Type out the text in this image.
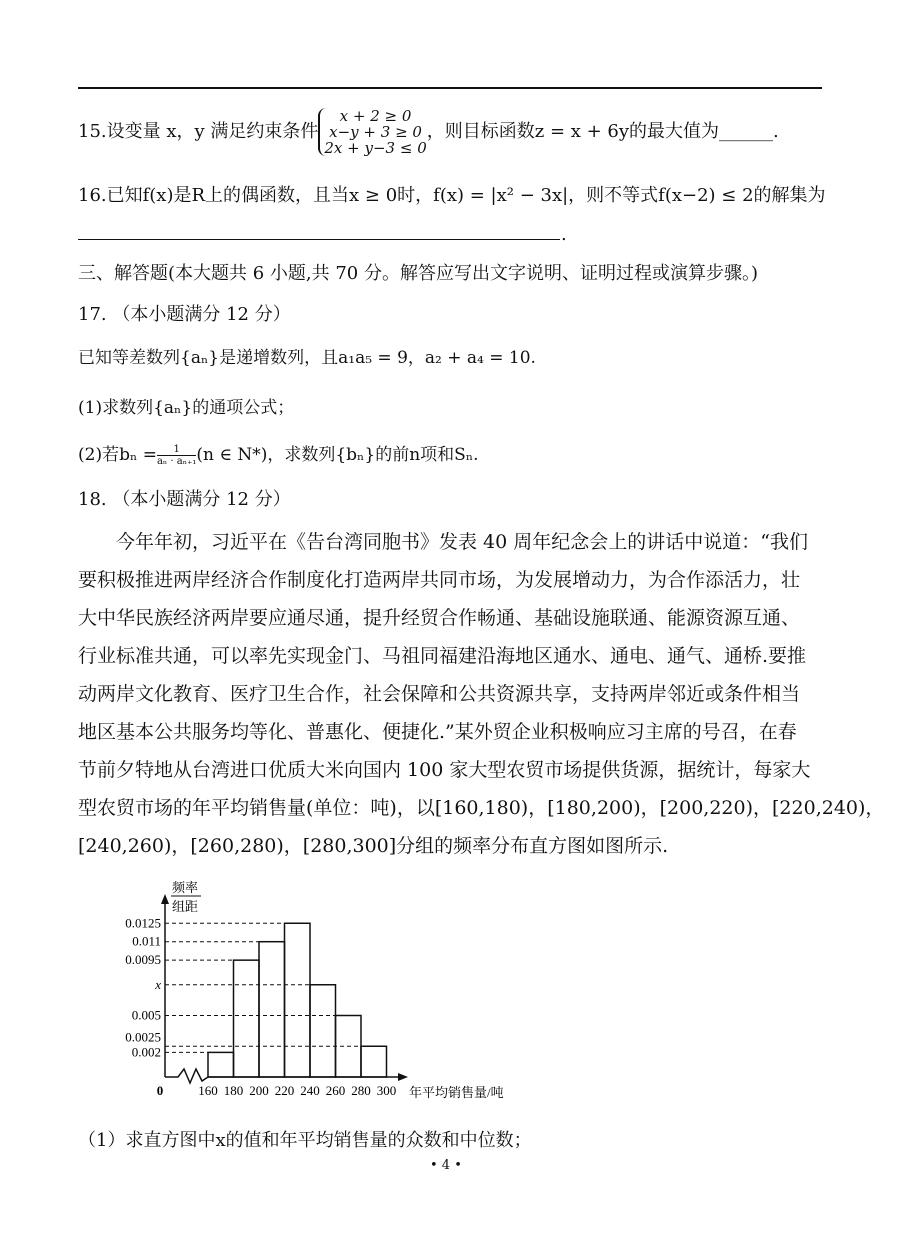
15.设变量 x，y 满足约束条件
x + 2 ≥ 0
x−y + 3 ≥ 0
2x + y−3 ≤ 0
，则目标函数z = x + 6y的最大值为______.
16.已知f(x)是R上的偶函数，且当x ≥ 0时，f(x) = |x² − 3x|，则不等式f(x−2) ≤ 2的解集为
.
三、解答题(本大题共 6 小题,共 70 分。解答应写出文字说明、证明过程或演算步骤。)
17. （本小题满分 12 分）
已知等差数列{aₙ}是递增数列，且a₁a₅ = 9，a₂ + a₄ = 10.
(1)求数列{aₙ}的通项公式；
(2)若$b_n = \frac{1}{\text{aₙ · aₙ₊₁}} (n$ ∈ N*)，求数列{bₙ}的前n项和Sₙ.
18. （本小题满分 12 分）
　　今年年初，习近平在《告台湾同胞书》发表 40 周年纪念会上的讲话中说道：“我们
要积极推进两岸经济合作制度化打造两岸共同市场，为发展增动力，为合作添活力，壮
大中华民族经济两岸要应通尽通，提升经贸合作畅通、基础设施联通、能源资源互通、
行业标准共通，可以率先实现金门、马祖同福建沿海地区通水、通电、通气、通桥.要推
动两岸文化教育、医疗卫生合作，社会保障和公共资源共享，支持两岸邻近或条件相当
地区基本公共服务均等化、普惠化、便捷化.”某外贸企业积极响应习主席的号召，在春
节前夕特地从台湾进口优质大米向国内 100 家大型农贸市场提供货源，据统计，每家大
型农贸市场的年平均销售量(单位：吨)，以[160,180)，[180,200)，[200,220)，[220,240)，
[240,260)，[260,280)，[280,300]分组的频率分布直方图如图所示.
频率
组距
年平均销售量/吨
0	160 180 200 220 240 260 280 300
0.002
0.0025
0.005
x
0.0095
0.011
0.0125
（1）求直方图中x的值和年平均销售量的众数和中位数；
• 4 •
